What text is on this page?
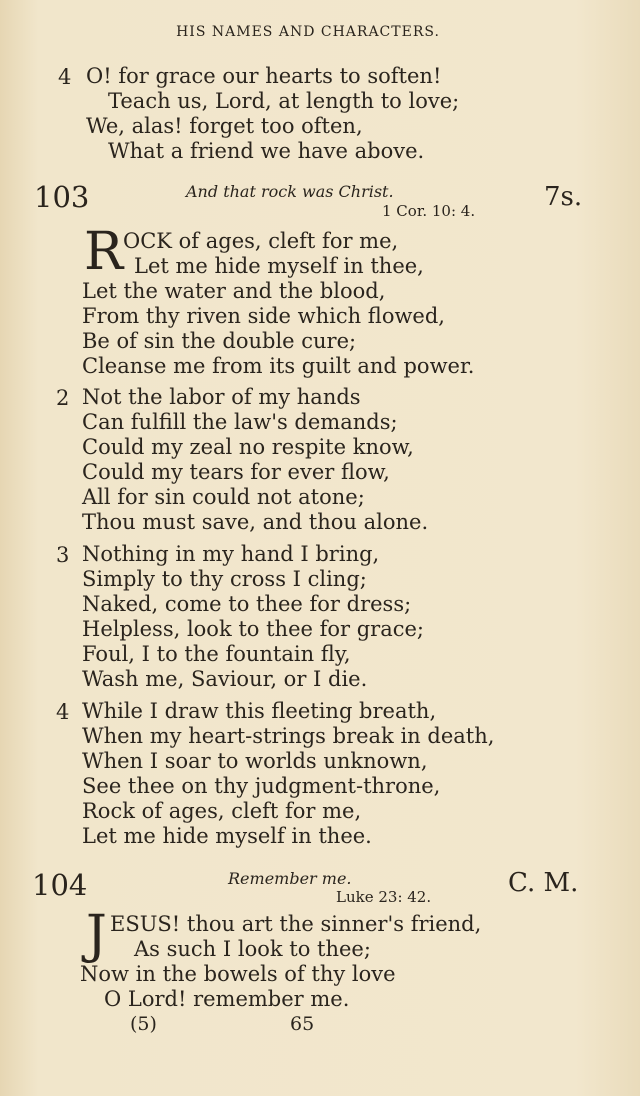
HIS NAMES AND CHARACTERS.
4 O! for grace our hearts to soften!
Teach us, Lord, at length to love;
We, alas! forget too often,
What a friend we have above.
103	And that rock was Christ.
1 Cor. 10: 4.	7s.
R OCK of ages, cleft for me,
Let me hide myself in thee,
Let the water and the blood,
From thy riven side which flowed,
Be of sin the double cure;
Cleanse me from its guilt and power.
2 Not the labor of my hands
Can fulfill the law's demands;
Could my zeal no respite know,
Could my tears for ever flow,
All for sin could not atone;
Thou must save, and thou alone.
3 Nothing in my hand I bring,
Simply to thy cross I cling;
Naked, come to thee for dress;
Helpless, look to thee for grace;
Foul, I to the fountain fly,
Wash me, Saviour, or I die.
4 While I draw this fleeting breath,
When my heart-strings break in death,
When I soar to worlds unknown,
See thee on thy judgment-throne,
Rock of ages, cleft for me,
Let me hide myself in thee.
104	Remember me.
Luke 23: 42.	C. M.
J ESUS! thou art the sinner's friend,
As such I look to thee;
Now in the bowels of thy love
O Lord! remember me.
(5)	65
